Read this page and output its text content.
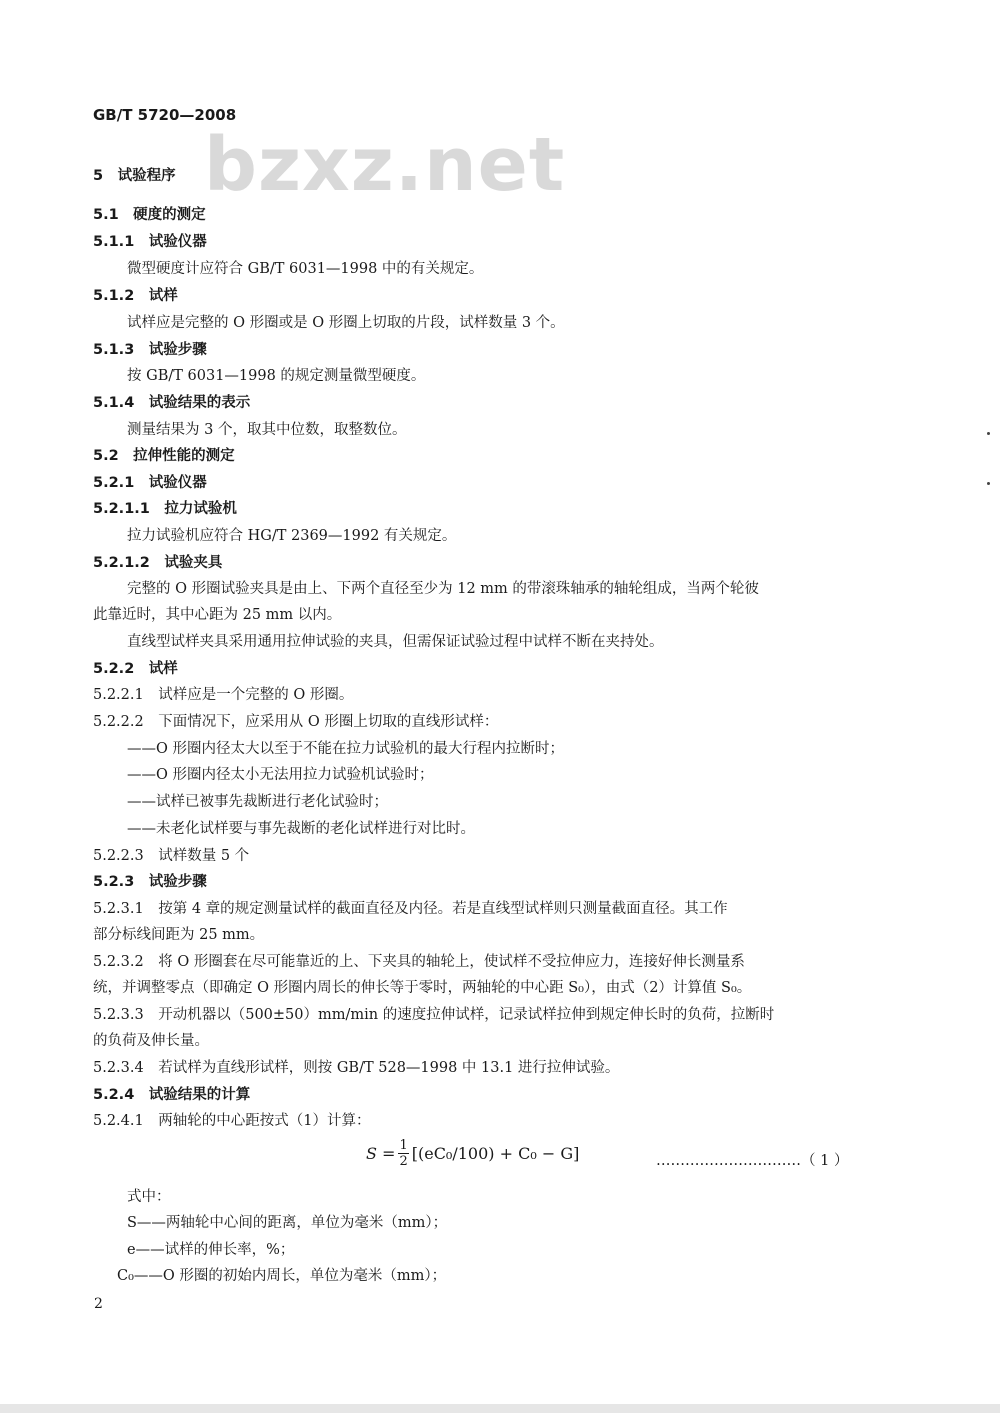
bzxz.net
GB/T 5720—2008
5　试验程序
5.1　硬度的测定
5.1.1　试验仪器
微型硬度计应符合 GB/T 6031—1998 中的有关规定。
5.1.2　试样
试样应是完整的 O 形圈或是 O 形圈上切取的片段，试样数量 3 个。
5.1.3　试验步骤
按 GB/T 6031—1998 的规定测量微型硬度。
5.1.4　试验结果的表示
测量结果为 3 个，取其中位数，取整数位。
5.2　拉伸性能的测定
5.2.1　试验仪器
5.2.1.1　拉力试验机
拉力试验机应符合 HG/T 2369—1992 有关规定。
5.2.1.2　试验夹具
完整的 O 形圈试验夹具是由上、下两个直径至少为 12 mm 的带滚珠轴承的轴轮组成，当两个轮彼
此靠近时，其中心距为 25 mm 以内。
直线型试样夹具采用通用拉伸试验的夹具，但需保证试验过程中试样不断在夹持处。
5.2.2　试样
5.2.2.1　试样应是一个完整的 O 形圈。
5.2.2.2　下面情况下，应采用从 O 形圈上切取的直线形试样：
——O 形圈内径太大以至于不能在拉力试验机的最大行程内拉断时；
——O 形圈内径太小无法用拉力试验机试验时；
——试样已被事先裁断进行老化试验时；
——未老化试样要与事先裁断的老化试样进行对比时。
5.2.2.3　试样数量 5 个
5.2.3　试验步骤
5.2.3.1　按第 4 章的规定测量试样的截面直径及内径。若是直线型试样则只测量截面直径。其工作
部分标线间距为 25 mm。
5.2.3.2　将 O 形圈套在尽可能靠近的上、下夹具的轴轮上，使试样不受拉伸应力，连接好伸长测量系
统，并调整零点（即确定 O 形圈内周长的伸长等于零时，两轴轮的中心距 S₀），由式（2）计算值 S₀。
5.2.3.3　开动机器以（500±50）mm/min 的速度拉伸试样，记录试样拉伸到规定伸长时的负荷，拉断时
的负荷及伸长量。
5.2.3.4　若试样为直线形试样，则按 GB/T 528—1998 中 13.1 进行拉伸试验。
5.2.4　试验结果的计算
5.2.4.1　两轴轮的中心距按式（1）计算：
$S = \frac{1}{2} [(eC_0/100) + C_0 - G]$	…………………………（ 1 ）
式中：
S——两轴轮中心间的距离，单位为毫米（mm）；
e——试样的伸长率，%；
C₀——O 形圈的初始内周长，单位为毫米（mm）；
2
